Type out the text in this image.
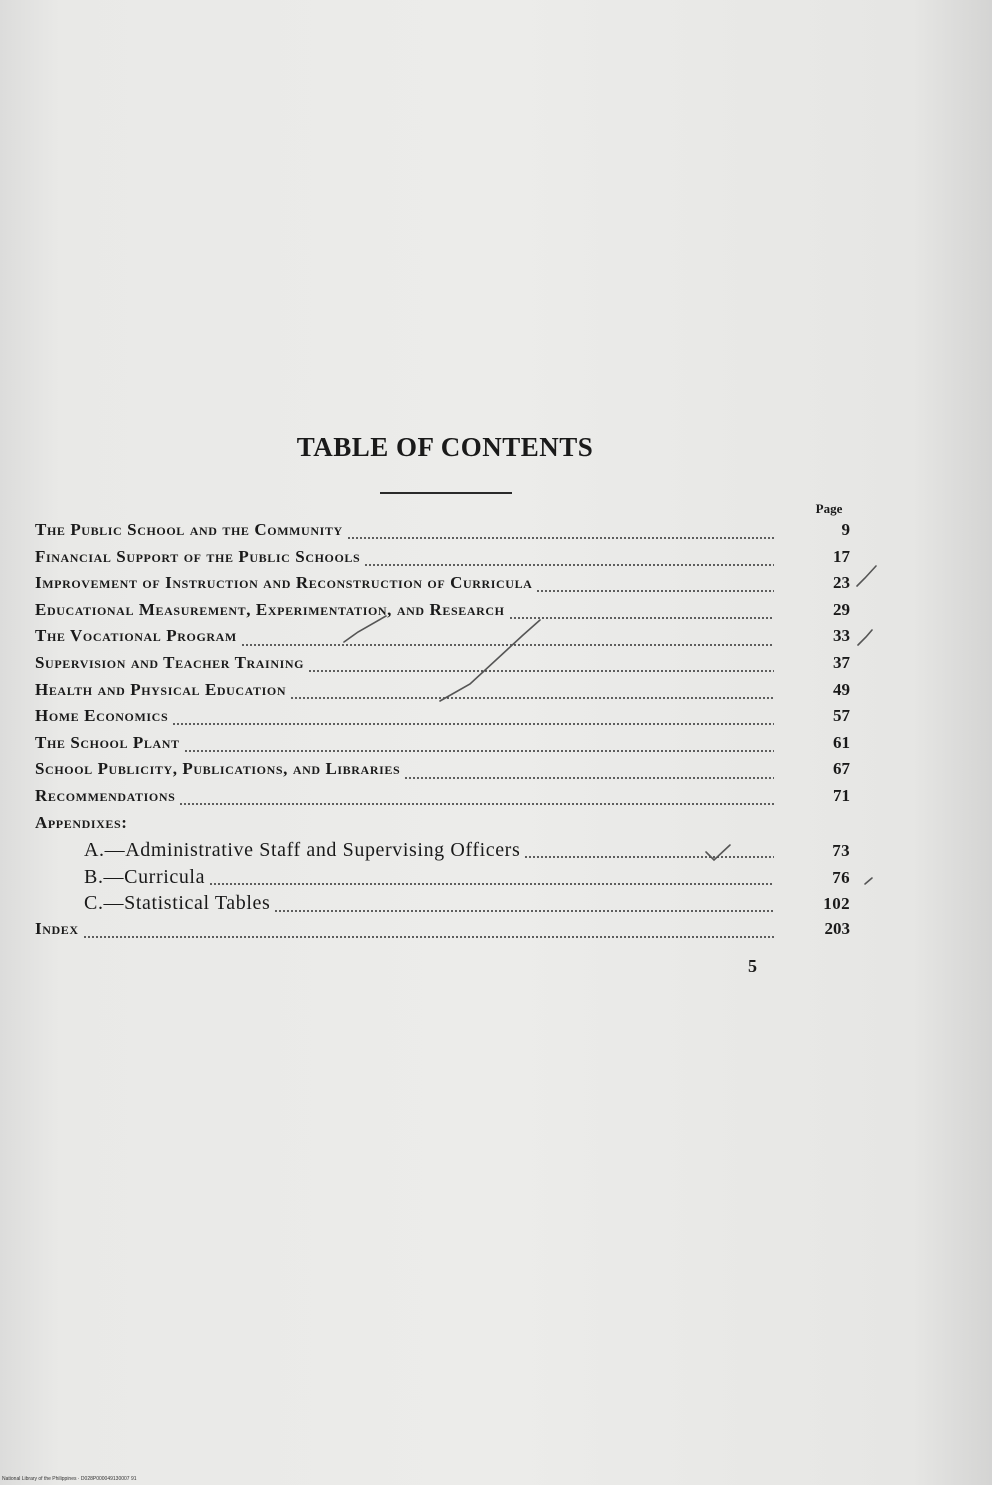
TABLE OF CONTENTS
Page
The Public School and the Community	9
Financial Support of the Public Schools	17
Improvement of Instruction and Reconstruction of Curricula	23
Educational Measurement, Experimentation, and Research	29
The Vocational Program	33
Supervision and Teacher Training	37
Health and Physical Education	49
Home Economics	57
The School Plant	61
School Publicity, Publications, and Libraries	67
Recommendations	71
Appendixes:
A.—Administrative Staff and Supervising Officers	73
B.—Curricula	76
C.—Statistical Tables	102
Index	203
5
National Library of the Philippines · D028P000049130007 91
